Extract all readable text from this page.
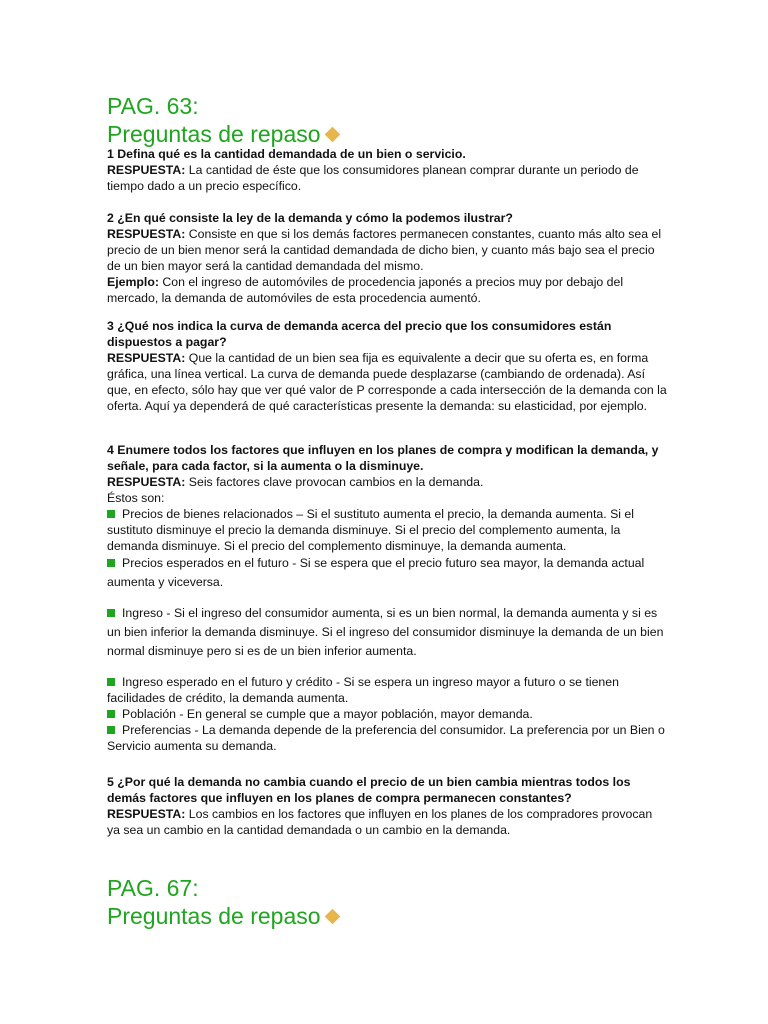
PAG. 63:

Preguntas de repaso

1 Defina qué es la cantidad demandada de un bien o servicio.

RESPUESTA: La cantidad de éste que los consumidores planean comprar durante un periodo de tiempo dado a un precio específico.

2 ¿En qué consiste la ley de la demanda y cómo la podemos ilustrar?

RESPUESTA: Consiste en que si los demás factores permanecen constantes, cuanto más alto sea el precio de un bien menor será la cantidad demandada de dicho bien, y cuanto más bajo sea el precio de un bien mayor será la cantidad demandada del mismo.

Ejemplo: Con el ingreso de automóviles de procedencia japonés a precios muy por debajo del mercado, la demanda de automóviles de esta procedencia aumentó.

3 ¿Qué nos indica la curva de demanda acerca del precio que los consumidores están dispuestos a pagar?

RESPUESTA: Que la cantidad de un bien sea fija es equivalente a decir que su oferta es, en forma gráfica, una línea vertical. La curva de demanda puede desplazarse (cambiando de ordenada). Así que, en efecto, sólo hay que ver qué valor de P corresponde a cada intersección de la demanda con la oferta. Aquí ya dependerá de qué características presente la demanda: su elasticidad, por ejemplo.

4 Enumere todos los factores que influyen en los planes de compra y modifican la demanda, y señale, para cada factor, si la aumenta o la disminuye.

RESPUESTA: Seis factores clave provocan cambios en la demanda.

Éstos son:

Precios de bienes relacionados – Si el sustituto aumenta el precio, la demanda aumenta. Si el sustituto disminuye el precio la demanda disminuye. Si el precio del complemento aumenta, la demanda disminuye. Si el precio del complemento disminuye, la demanda aumenta.

Precios esperados en el futuro - Si se espera que el precio futuro sea mayor, la demanda actual aumenta y viceversa.

Ingreso - Si el ingreso del consumidor aumenta, si es un bien normal, la demanda aumenta y si es un bien inferior la demanda disminuye. Si el ingreso del consumidor disminuye la demanda de un bien normal disminuye pero si es de un bien inferior aumenta.

Ingreso esperado en el futuro y crédito - Si se espera un ingreso mayor a futuro o se tienen facilidades de crédito, la demanda aumenta.

Población - En general se cumple que a mayor población, mayor demanda.

Preferencias - La demanda depende de la preferencia del consumidor. La preferencia por un Bien o Servicio aumenta su demanda.

5 ¿Por qué la demanda no cambia cuando el precio de un bien cambia mientras todos los demás factores que influyen en los planes de compra permanecen constantes?

RESPUESTA: Los cambios en los factores que influyen en los planes de los compradores provocan ya sea un cambio en la cantidad demandada o un cambio en la demanda.

PAG. 67:

Preguntas de repaso
